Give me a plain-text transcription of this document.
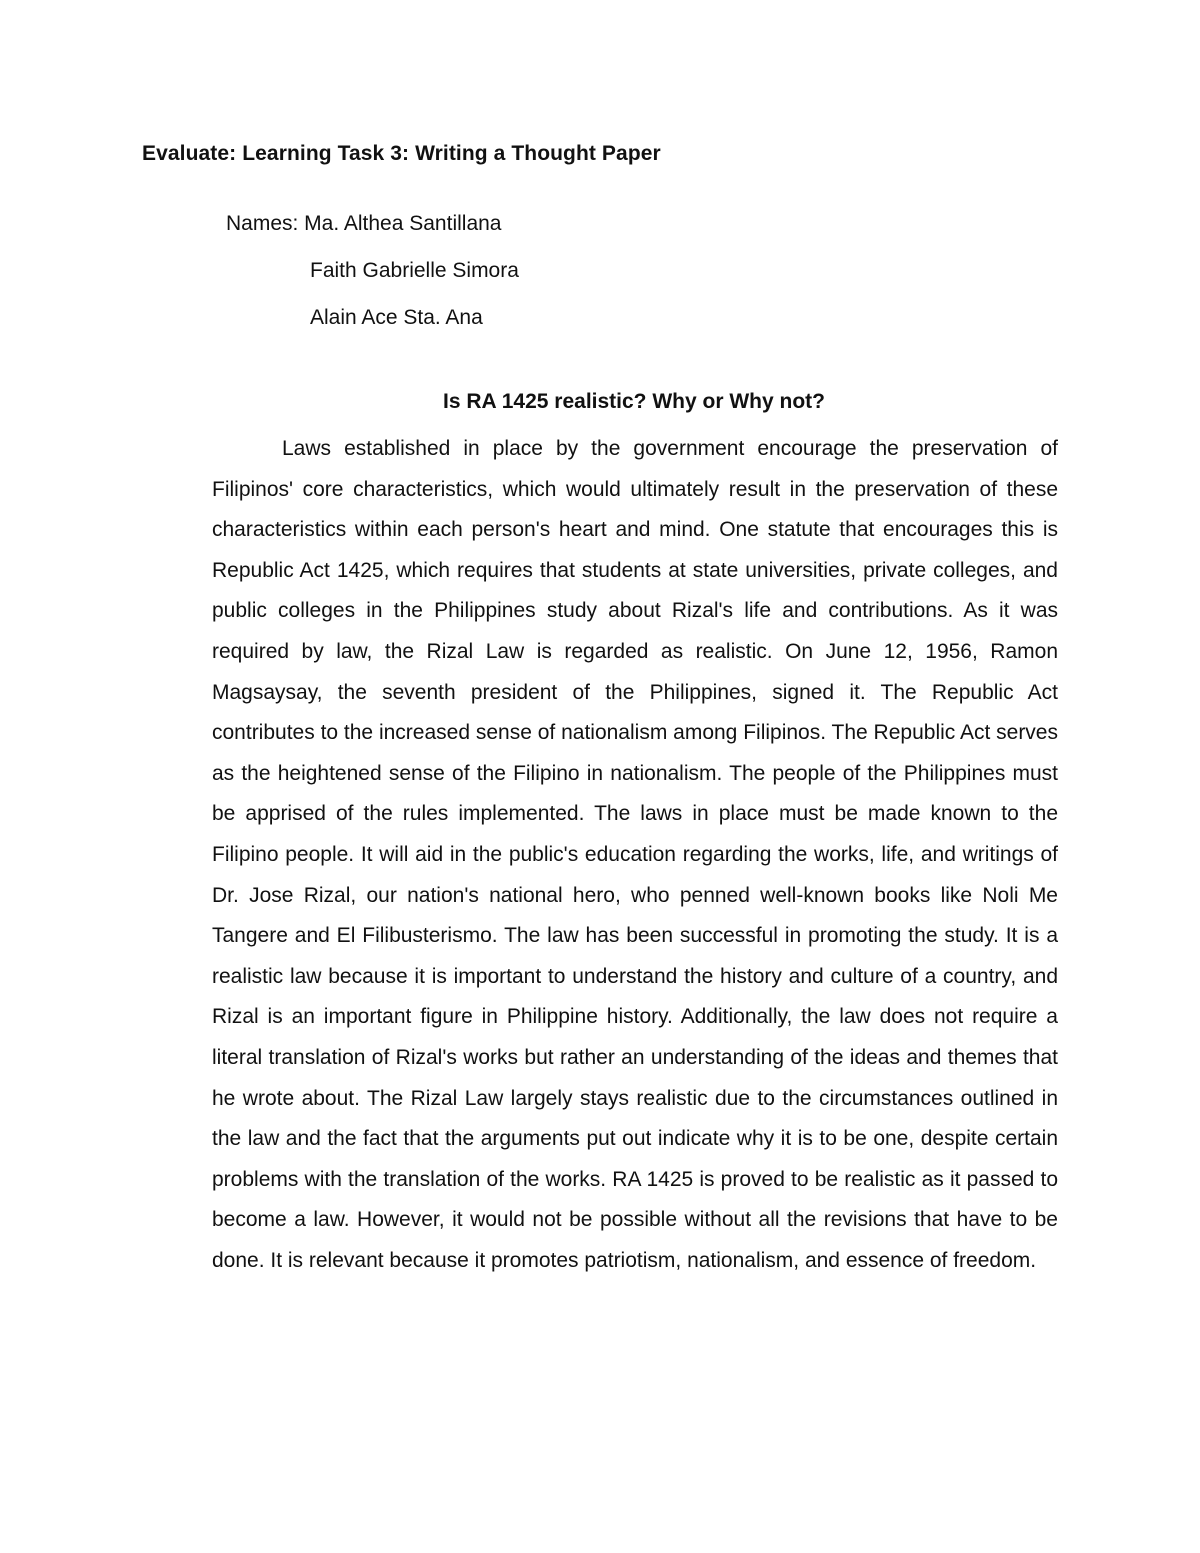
Evaluate: Learning Task 3: Writing a Thought Paper
Names: Ma. Althea Santillana
Faith Gabrielle Simora
Alain Ace Sta. Ana
Is RA 1425 realistic? Why or Why not?

Laws established in place by the government encourage the preservation of Filipinos' core characteristics, which would ultimately result in the preservation of these characteristics within each person's heart and mind. One statute that encourages this is Republic Act 1425, which requires that students at state universities, private colleges, and public colleges in the Philippines study about Rizal's life and contributions. As it was required by law, the Rizal Law is regarded as realistic. On June 12, 1956, Ramon Magsaysay, the seventh president of the Philippines, signed it. The Republic Act contributes to the increased sense of nationalism among Filipinos. The Republic Act serves as the heightened sense of the Filipino in nationalism. The people of the Philippines must be apprised of the rules implemented. The laws in place must be made known to the Filipino people. It will aid in the public's education regarding the works, life, and writings of Dr. Jose Rizal, our nation's national hero, who penned well-known books like Noli Me Tangere and El Filibusterismo. The law has been successful in promoting the study. It is a realistic law because it is important to understand the history and culture of a country, and Rizal is an important figure in Philippine history. Additionally, the law does not require a literal translation of Rizal's works but rather an understanding of the ideas and themes that he wrote about. The Rizal Law largely stays realistic due to the circumstances outlined in the law and the fact that the arguments put out indicate why it is to be one, despite certain problems with the translation of the works. RA 1425 is proved to be realistic as it passed to become a law. However, it would not be possible without all the revisions that have to be done. It is relevant because it promotes patriotism, nationalism, and essence of freedom.
